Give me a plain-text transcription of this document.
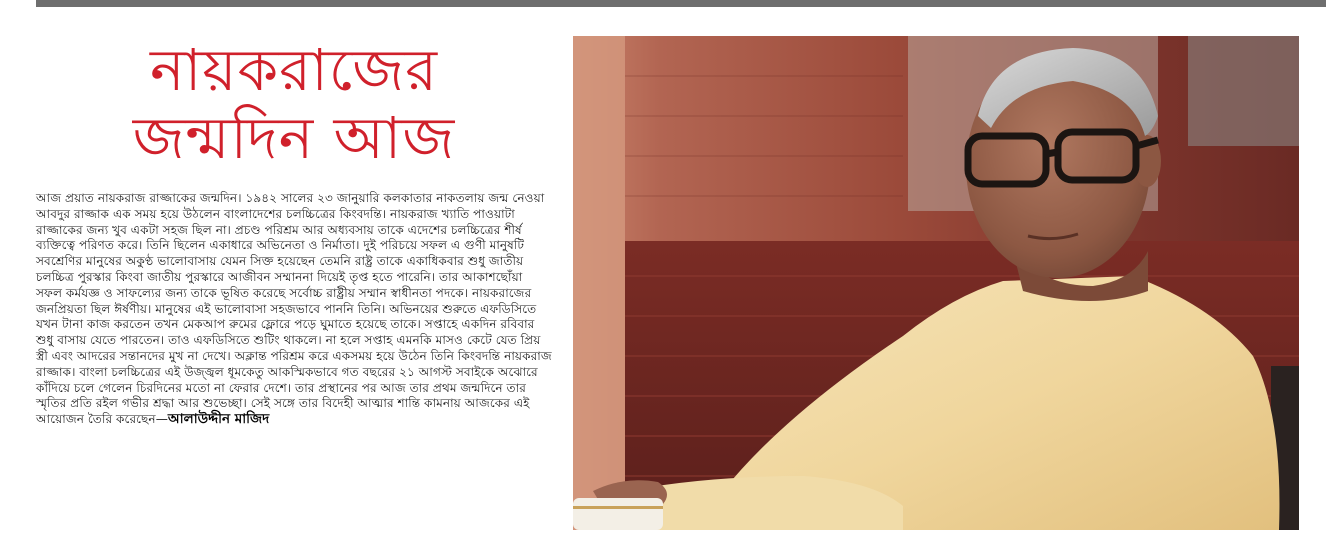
নায়করাজের
জন্মদিন আজ

আজ প্রয়াত নায়করাজ রাজ্জাকের জন্মদিন। ১৯৪২ সালের ২৩ জানুয়ারি কলকাতার নাকতলায় জন্ম নেওয়া আবদুর রাজ্জাক এক সময় হয়ে উঠলেন বাংলাদেশের চলচ্চিত্রের কিংবদন্তি। নায়করাজ খ্যাতি পাওয়াটা রাজ্জাকের জন্য খুব একটা সহজ ছিল না। প্রচণ্ড পরিশ্রম আর অধ্যবসায় তাকে এদেশের চলচ্চিত্রের শীর্ষ ব্যক্তিত্বে পরিণত করে। তিনি ছিলেন একাধারে অভিনেতা ও নির্মাতা। দুই পরিচয়ে সফল এ গুণী মানুষটি সবশ্রেণির মানুষের অকুণ্ঠ ভালোবাসায় যেমন সিক্ত হয়েছেন তেমনি রাষ্ট্র তাকে একাধিকবার শুধু জাতীয় চলচ্চিত্র পুরস্কার কিংবা জাতীয় পুরস্কারে আজীবন সম্মাননা দিয়েই তৃপ্ত হতে পারেনি। তার আকাশছোঁয়া সফল কর্মযজ্ঞ ও সাফল্যের জন্য তাকে ভূষিত করেছে সর্বোচ্চ রাষ্ট্রীয় সম্মান স্বাধীনতা পদকে। নায়করাজের জনপ্রিয়তা ছিল ঈর্ষণীয়। মানুষের এই ভালোবাসা সহজভাবে পাননি তিনি। অভিনয়ের শুরুতে এফডিসিতে যখন টানা কাজ করতেন তখন মেকআপ রুমের ফ্লোরে পড়ে ঘুমাতে হয়েছে তাকে। সপ্তাহে একদিন রবিবার শুধু বাসায় যেতে পারতেন। তাও এফডিসিতে শুটিং থাকলে। না হলে সপ্তাহ এমনকি মাসও কেটে যেত প্রিয় স্ত্রী এবং আদরের সন্তানদের মুখ না দেখে। অক্লান্ত পরিশ্রম করে একসময় হয়ে উঠেন তিনি কিংবদন্তি নায়করাজ রাজ্জাক। বাংলা চলচ্চিত্রের এই উজ্জ্বল ধূমকেতু আকস্মিকভাবে গত বছরের ২১ আগস্ট সবাইকে অঝোরে কাঁদিয়ে চলে গেলেন চিরদিনের মতো না ফেরার দেশে। তার প্রস্থানের পর আজ তার প্রথম জন্মদিনে তার স্মৃতির প্রতি রইল গভীর শ্রদ্ধা আর শুভেচ্ছা। সেই সঙ্গে তার বিদেহী আত্মার শান্তি কামনায় আজকের এই আয়োজন তৈরি করেছেন—আলাউদ্দীন মাজিদ
